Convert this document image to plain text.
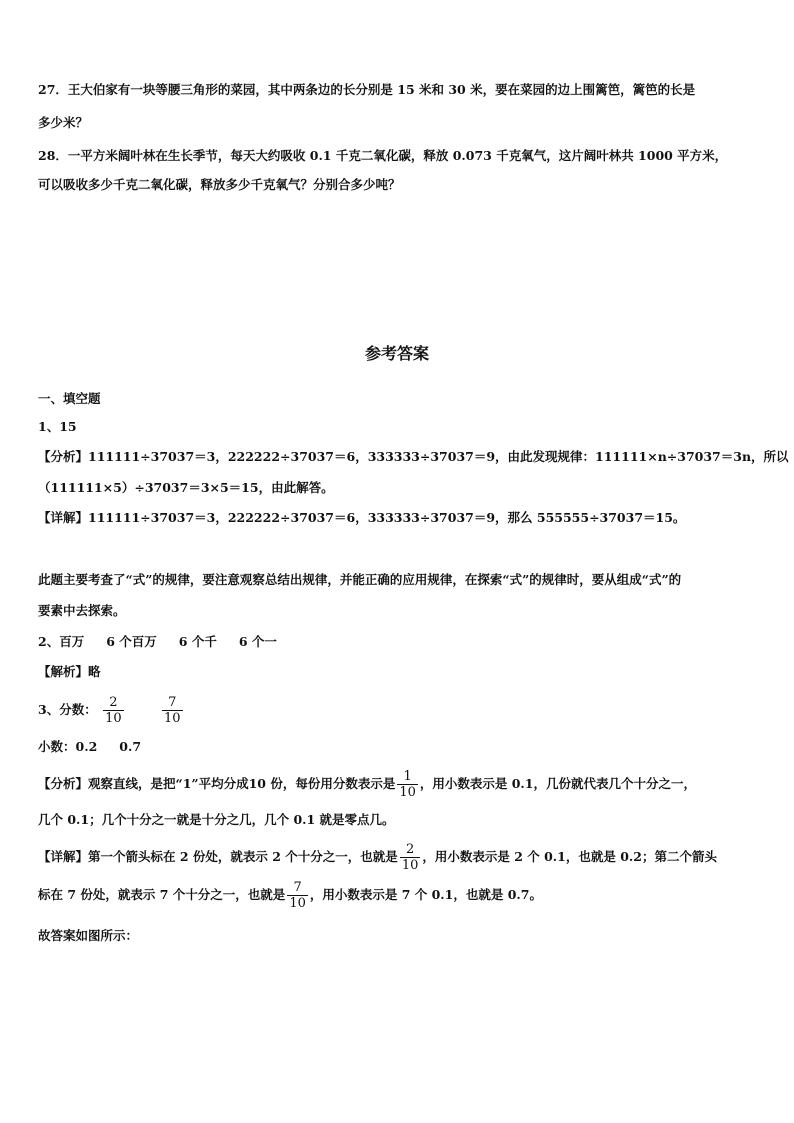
27．王大伯家有一块等腰三角形的菜园，其中两条边的长分别是 15 米和 30 米，要在菜园的边上围篱笆，篱笆的长是
多少米？
28．一平方米阔叶林在生长季节，每天大约吸收 0.1 千克二氧化碳，释放 0.073 千克氧气，这片阔叶林共 1000 平方米，
可以吸收多少千克二氧化碳，释放多少千克氧气？分别合多少吨？
参考答案
一、填空题
1、15
【分析】111111÷37037＝3，222222÷37037＝6，333333÷37037＝9，由此发现规律：111111×n÷37037＝3n，所以
（111111×5）÷37037＝3×5＝15，由此解答。
【详解】111111÷37037＝3，222222÷37037＝6，333333÷37037＝9，那么 555555÷37037＝15。
此题主要考查了“式”的规律，要注意观察总结出规律，并能正确的应用规律，在探索“式”的规律时，要从组成“式”的
要素中去探索。
2、百万 6 个百万 6 个千 6 个一
【解析】略
3、分数： $\frac{2}{10}$
	$\frac{7}{10}$
小数：0.2 0.7
【分析】观察直线，是把“1”平均分成10 份，每份用分数表示是 $\frac{1}{10}$ ，用小数表示是 0.1，几份就代表几个十分之一，
几个 0.1；几个十分之一就是十分之几，几个 0.1 就是零点几。
【详解】第一个箭头标在 2 份处，就表示 2 个十分之一，也就是 $\frac{2}{10}$ ，用小数表示是 2 个 0.1，也就是 0.2；第二个箭头
标在 7 份处，就表示 7 个十分之一，也就是 $\frac{7}{10}$ ，用小数表示是 7 个 0.1，也就是 0.7。
故答案如图所示：
